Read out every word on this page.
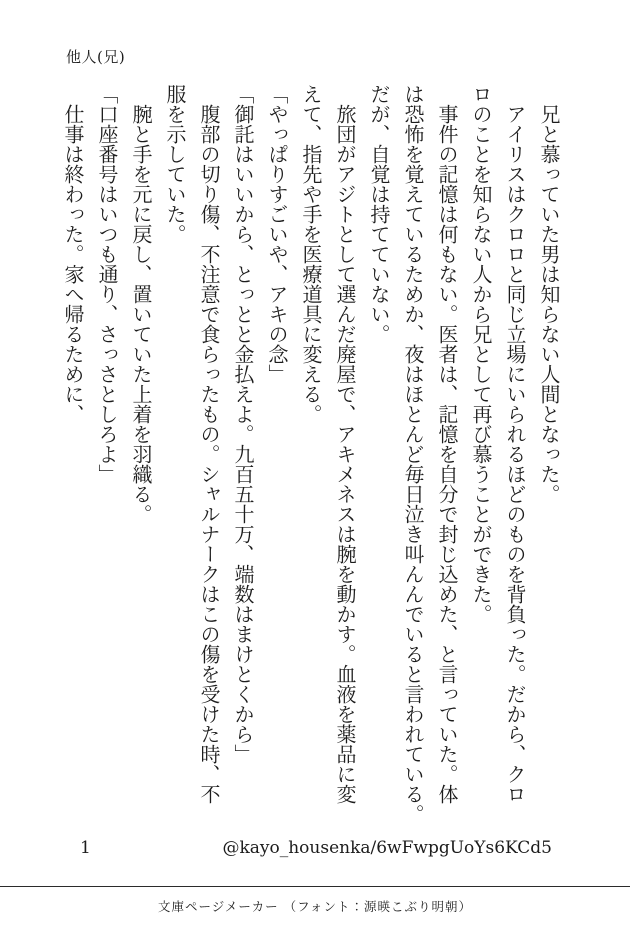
他人(兄)

　兄と慕っていた男は知らない人間となった。

　アイリスはクロロと同じ立場にいられるほどのものを背負った。だから、クロ

ロのことを知らない人から兄として再び慕うことができた。

　事件の記憶は何もない。医者は、記憶を自分で封じ込めた、と言っていた。体

は恐怖を覚えているためか、夜はほとんど毎日泣き叫んんでいると言われている。

だが、自覚は持てていない。

　旅団がアジトとして選んだ廃屋で、アキメネスは腕を動かす。血液を薬品に変

えて、指先や手を医療道具に変える。

「やっぱりすごいや、アキの念」

「御託はいいから、とっとと金払えよ。九百五十万、端数はまけとくから」

　腹部の切り傷、不注意で食らったもの。シャルナークはこの傷を受けた時、不

服を示していた。

　腕と手を元に戻し、置いていた上着を羽織る。

「口座番号はいつも通り、さっさとしろよ」

　仕事は終わった。家へ帰るために、

1	@kayo_housenka/6wFwpgUoYs6KCd5
文庫ページメーカー （フォント：源暎こぶり明朝）
